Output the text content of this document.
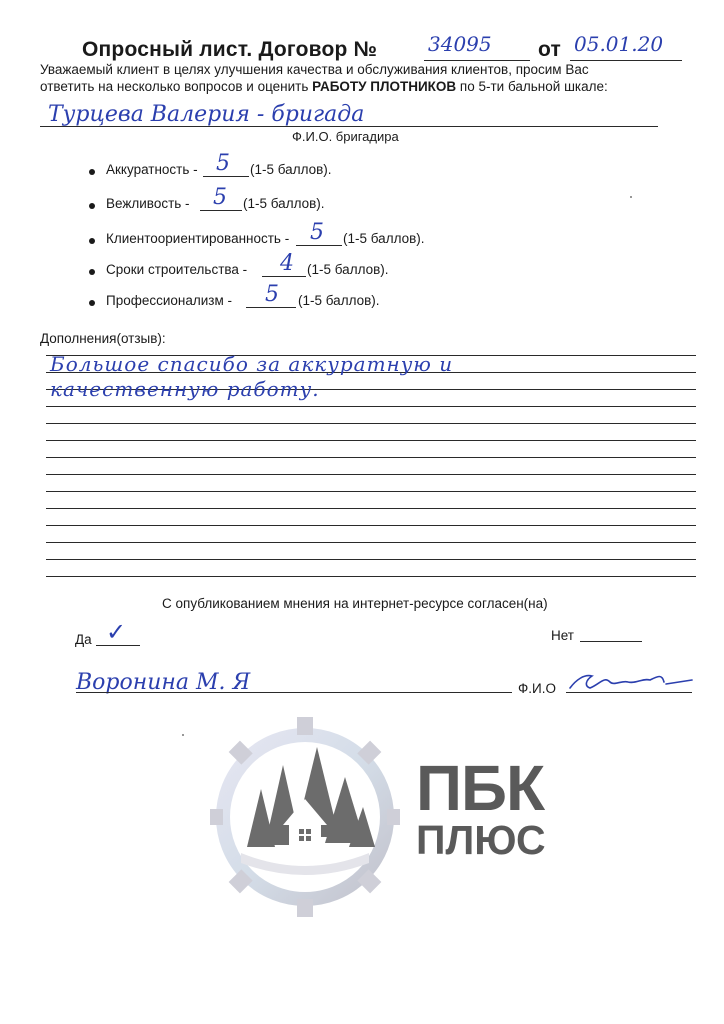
Опросный лист. Договор №	34095 от 05.01.20
Уважаемый клиент в целях улучшения качества и обслуживания клиентов, просим Вас
ответить на несколько вопросов и оценить РАБОТУ ПЛОТНИКОВ по 5-ти бальной шкале:
Турцева Валерия - бригада
Ф.И.О. бригадира
Аккуратность - 5 (1-5 баллов).
Вежливость - 5 (1-5 баллов).
Клиентоориентированность - 5 (1-5 баллов).
Сроки строительства - 4 (1-5 баллов).
Профессионализм - 5 (1-5 баллов).
Дополнения(отзыв):
Большое спасибо за аккуратную и
качественную работу.
С опубликованием мнения на интернет-ресурсе согласен(на)
Да ✓	Нет
Воронина М. Я	Ф.И.О
ПБК
ПЛЮС
